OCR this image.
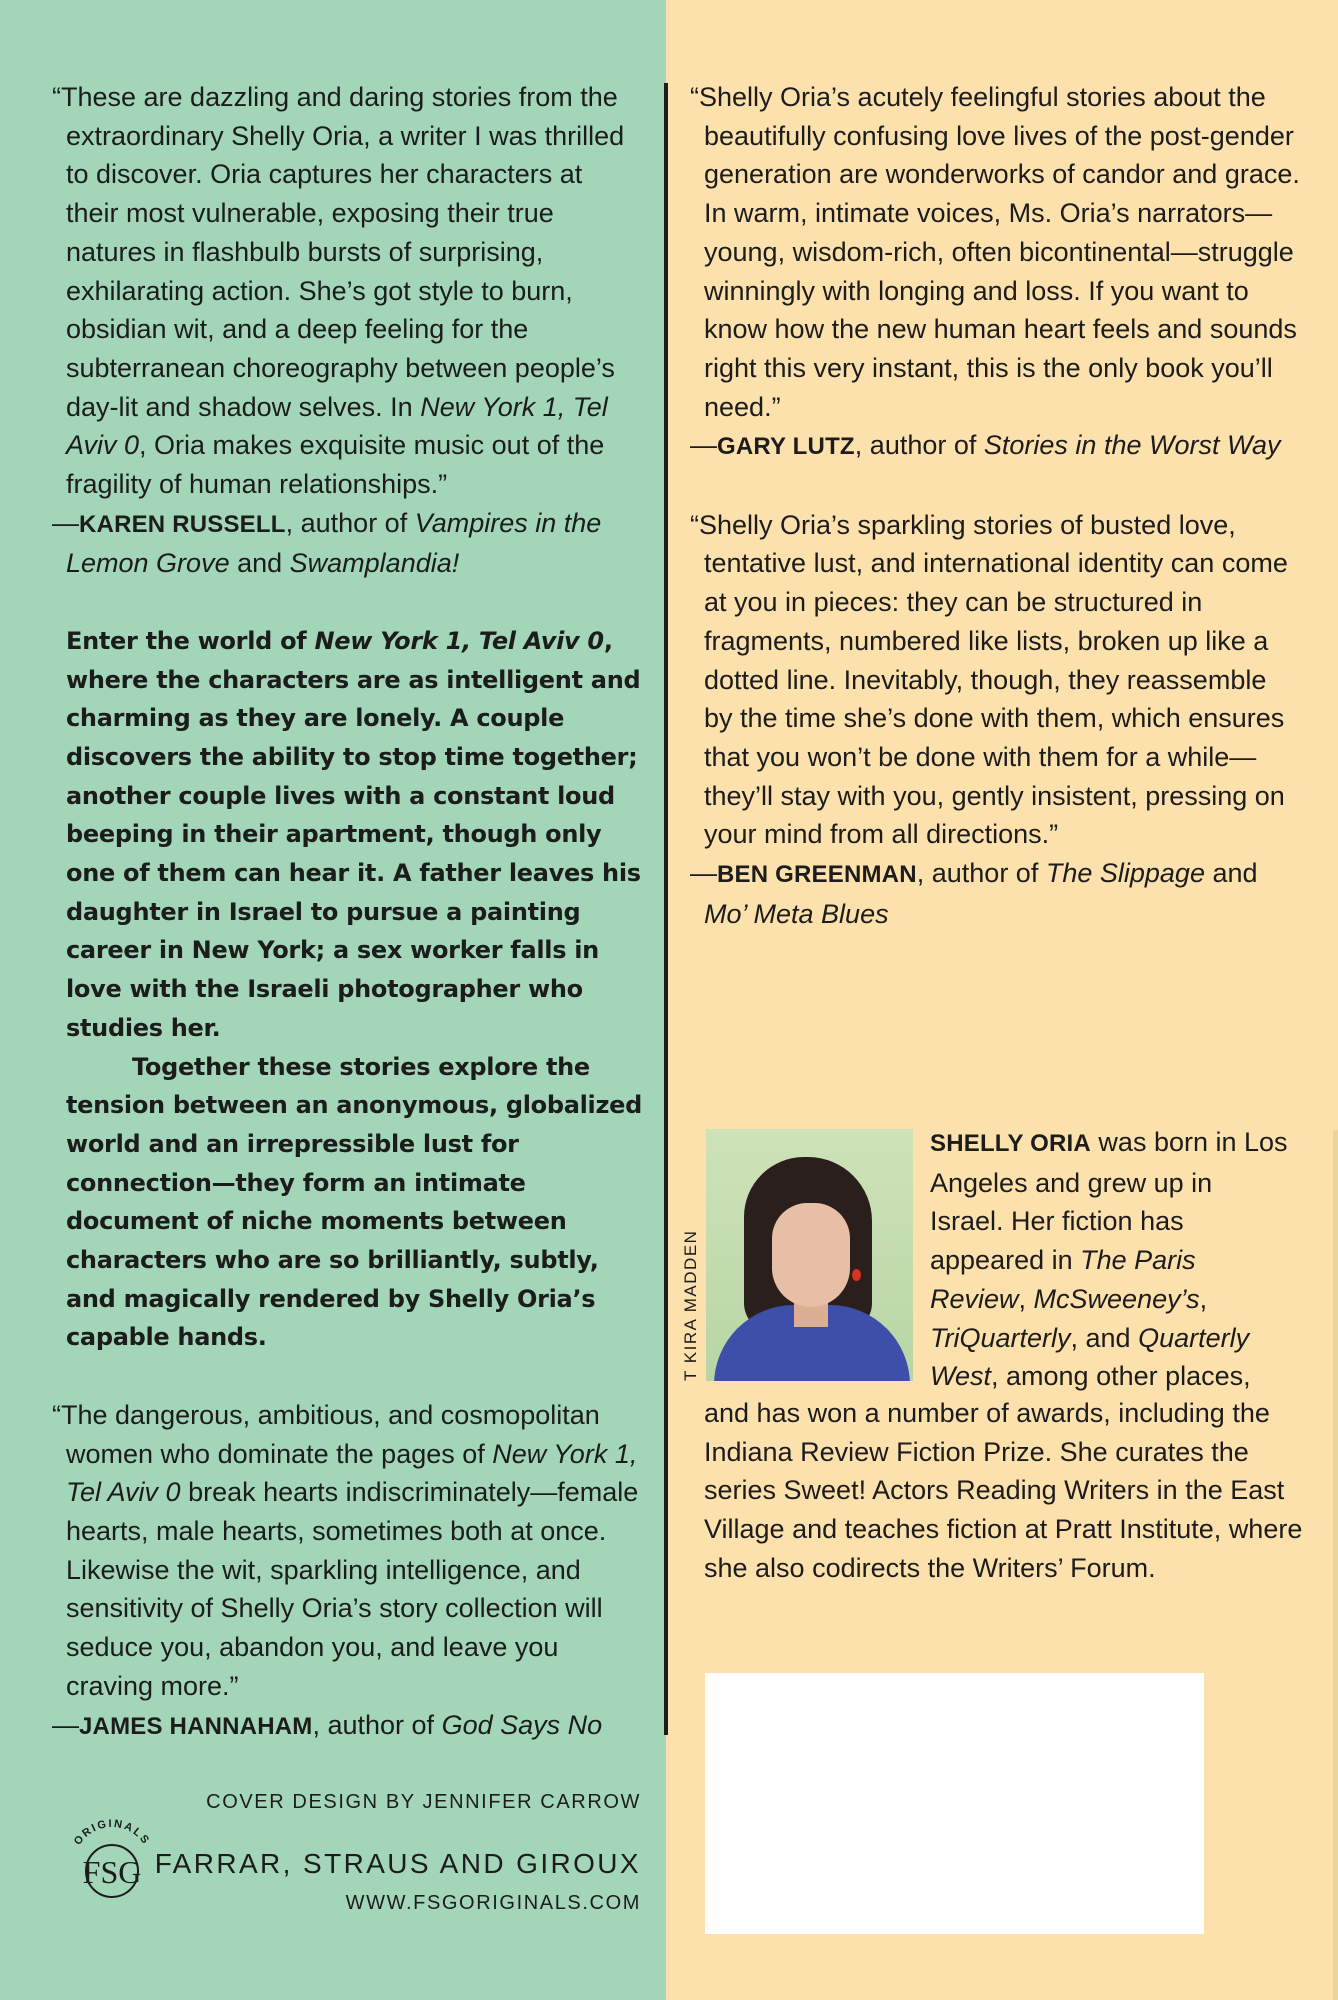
“These are dazzling and daring stories from the extraordinary Shelly Oria, a writer I was thrilled to discover. Oria captures her characters at their most vulnerable, exposing their true natures in flashbulb bursts of surprising, exhilarating action. She’s got style to burn, obsidian wit, and a deep feeling for the subterranean choreography between people’s day-lit and shadow selves. In New York 1, Tel Aviv 0, Oria makes exquisite music out of the fragility of human relationships.”

—KAREN RUSSELL, author of Vampires in the Lemon Grove and Swamplandia!

Enter the world of New York 1, Tel Aviv 0, where the characters are as intelligent and charming as they are lonely. A couple discovers the ability to stop time together; another couple lives with a constant loud beeping in their apartment, though only one of them can hear it. A father leaves his daughter in Israel to pursue a painting career in New York; a sex worker falls in love with the Israeli photographer who studies her.

Together these stories explore the tension between an anonymous, globalized world and an irrepressible lust for connection—they form an intimate document of niche moments between characters who are so brilliantly, subtly, and magically rendered by Shelly Oria’s capable hands.

“The dangerous, ambitious, and cosmopolitan women who dominate the pages of New York 1, Tel Aviv 0 break hearts indiscriminately—female hearts, male hearts, sometimes both at once. Likewise the wit, sparkling intelligence, and sensitivity of Shelly Oria’s story collection will seduce you, abandon you, and leave you craving more.”

—JAMES HANNAHAM, author of God Says No

“Shelly Oria’s acutely feelingful stories about the beautifully confusing love lives of the post-gender generation are wonderworks of candor and grace. In warm, intimate voices, Ms. Oria’s narrators—young, wisdom-rich, often bicontinental—struggle winningly with longing and loss. If you want to know how the new human heart feels and sounds right this very instant, this is the only book you’ll need.”

—GARY LUTZ, author of Stories in the Worst Way

“Shelly Oria’s sparkling stories of busted love, tentative lust, and international identity can come at you in pieces: they can be structured in fragments, numbered like lists, broken up like a dotted line. Inevitably, though, they reassemble by the time she’s done with them, which ensures that you won’t be done with them for a while—they’ll stay with you, gently insistent, pressing on your mind from all directions.”

—BEN GREENMAN, author of The Slippage and Mo’ Meta Blues

T KIRA MADDEN

SHELLY ORIA was born in Los Angeles and grew up in Israel. Her fiction has appeared in The Paris Review, McSweeney’s, TriQuarterly, and Quarterly West, among other places,

and has won a number of awards, including the Indiana Review Fiction Prize. She curates the series Sweet! Actors Reading Writers in the East Village and teaches fiction at Pratt Institute, where she also codirects the Writers’ Forum.

COVER DESIGN BY JENNIFER CARROW
FARRAR, STRAUS AND GIROUX
WWW.FSGORIGINALS.COM
ORIGINALS
FSG
